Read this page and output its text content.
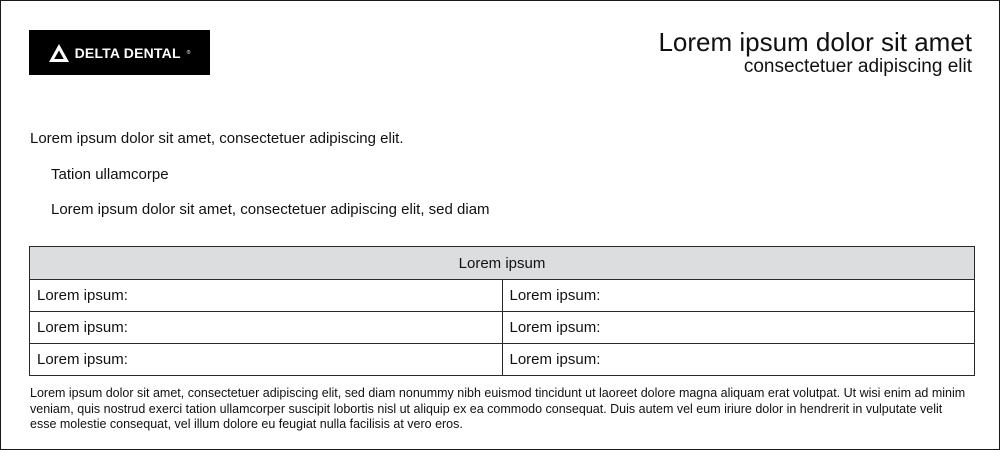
DELTA DENTAL ®	Lorem ipsum dolor sit amet
consectetuer adipiscing elit
Lorem ipsum dolor sit amet, consectetuer adipiscing elit.
Tation ullamcorpe
Lorem ipsum dolor sit amet, consectetuer adipiscing elit, sed diam
Lorem ipsum	
Lorem ipsum:	Lorem ipsum:
Lorem ipsum:	Lorem ipsum:
Lorem ipsum:	Lorem ipsum:
Lorem ipsum dolor sit amet, consectetuer adipiscing elit, sed diam nonummy nibh euismod tincidunt ut laoreet dolore magna aliquam erat volutpat. Ut wisi enim ad minim veniam, quis nostrud exerci tation ullamcorper suscipit lobortis nisl ut aliquip ex ea commodo consequat. Duis autem vel eum iriure dolor in hendrerit in vulputate velit esse molestie consequat, vel illum dolore eu feugiat nulla facilisis at vero eros.
